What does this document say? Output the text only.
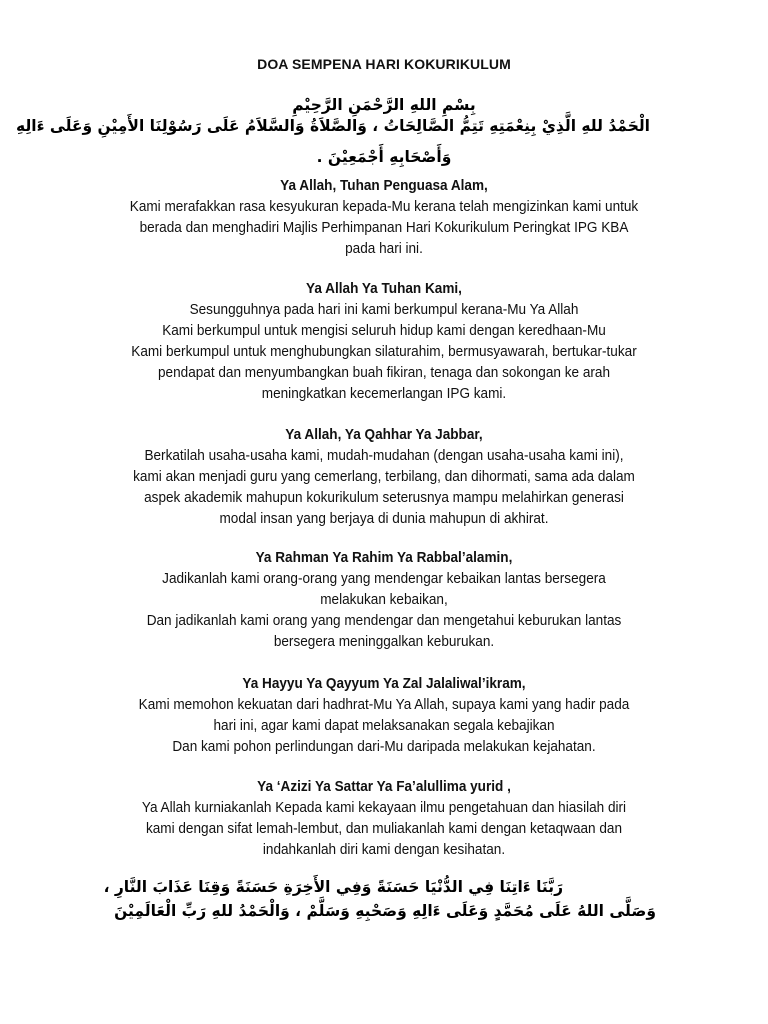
DOA SEMPENA HARI KOKURIKULUM
بِسْمِ اللهِ الرَّحْمَنِ الرَّحِيْمِ
الْحَمْدُ للهِ الَّذِيْ بِنِعْمَتِهِ تَتِمُّ الصَّالِحَاتُ ، وَالصَّلاَةُ وَالسَّلاَمُ عَلَى رَسُوْلِنَا الأَمِيْنِ وَعَلَى ءَالِهِ
وَأَصْحَابِهِ أَجْمَعِيْنَ .
Ya Allah, Tuhan Penguasa Alam,
Kami merafakkan rasa kesyukuran kepada-Mu kerana telah mengizinkan kami untuk
berada dan menghadiri Majlis Perhimpanan Hari Kokurikulum Peringkat IPG KBA
pada hari ini.
Ya Allah Ya Tuhan Kami,
Sesungguhnya pada hari ini kami berkumpul kerana-Mu Ya Allah
Kami berkumpul untuk mengisi seluruh hidup kami dengan keredhaan-Mu
Kami berkumpul untuk menghubungkan silaturahim, bermusyawarah, bertukar-tukar
pendapat dan menyumbangkan buah fikiran, tenaga dan sokongan ke arah
meningkatkan kecemerlangan IPG kami.
Ya Allah, Ya Qahhar Ya Jabbar,
Berkatilah usaha-usaha kami, mudah-mudahan (dengan usaha-usaha kami ini),
kami akan menjadi guru yang cemerlang, terbilang, dan dihormati, sama ada dalam
aspek akademik mahupun kokurikulum seterusnya mampu melahirkan generasi
modal insan yang berjaya di dunia mahupun di akhirat.
Ya Rahman Ya Rahim Ya Rabbal’alamin,
Jadikanlah kami orang-orang yang mendengar kebaikan lantas bersegera
melakukan kebaikan,
Dan jadikanlah kami orang yang mendengar dan mengetahui keburukan lantas
bersegera meninggalkan keburukan.
Ya Hayyu Ya Qayyum Ya Zal Jalaliwal’ikram,
Kami memohon kekuatan dari hadhrat-Mu Ya Allah, supaya kami yang hadir pada
hari ini, agar kami dapat melaksanakan segala kebajikan
Dan kami pohon perlindungan dari-Mu daripada melakukan kejahatan.
Ya ‘Azizi Ya Sattar Ya Fa’alullima yurid ,
Ya Allah kurniakanlah Kepada kami kekayaan ilmu pengetahuan dan hiasilah diri
kami dengan sifat lemah-lembut, dan muliakanlah kami dengan ketaqwaan dan
indahkanlah diri kami dengan kesihatan.
رَبَّنَا ءَاتِنَا فِي الدُّنْيَا حَسَنَةً وَفِي الأَخِرَةِ حَسَنَةً وَقِنَا عَذَابَ النَّارِ ،
وَصَلَّى اللهُ عَلَى مُحَمَّدٍ وَعَلَى ءَالِهِ وَصَحْبِهِ وَسَلَّمْ ، وَالْحَمْدُ للهِ رَبِّ الْعَالَمِيْنَ
